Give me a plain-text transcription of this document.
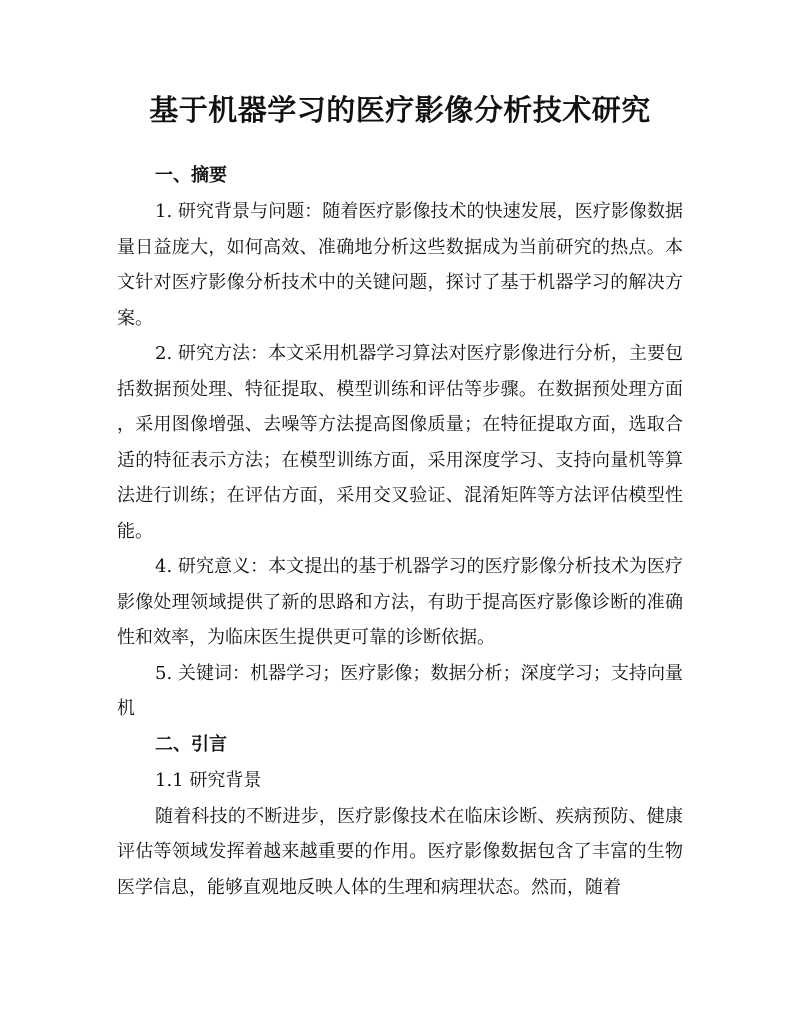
基于机器学习的医疗影像分析技术研究
一、摘要

1. 研究背景与问题：随着医疗影像技术的快速发展，医疗影像数据量日益庞大，如何高效、准确地分析这些数据成为当前研究的热点。本文针对医疗影像分析技术中的关键问题，探讨了基于机器学习的解决方案。

2. 研究方法：本文采用机器学习算法对医疗影像进行分析，主要包括数据预处理、特征提取、模型训练和评估等步骤。在数据预处理方面，采用图像增强、去噪等方法提高图像质量；在特征提取方面，选取合适的特征表示方法；在模型训练方面，采用深度学习、支持向量机等算法进行训练；在评估方面，采用交叉验证、混淆矩阵等方法评估模型性能。

4. 研究意义：本文提出的基于机器学习的医疗影像分析技术为医疗影像处理领域提供了新的思路和方法，有助于提高医疗影像诊断的准确性和效率，为临床医生提供更可靠的诊断依据。

5. 关键词：机器学习；医疗影像；数据分析；深度学习；支持向量机

二、引言

1.1 研究背景

随着科技的不断进步，医疗影像技术在临床诊断、疾病预防、健康评估等领域发挥着越来越重要的作用。医疗影像数据包含了丰富的生物医学信息，能够直观地反映人体的生理和病理状态。然而，随着
